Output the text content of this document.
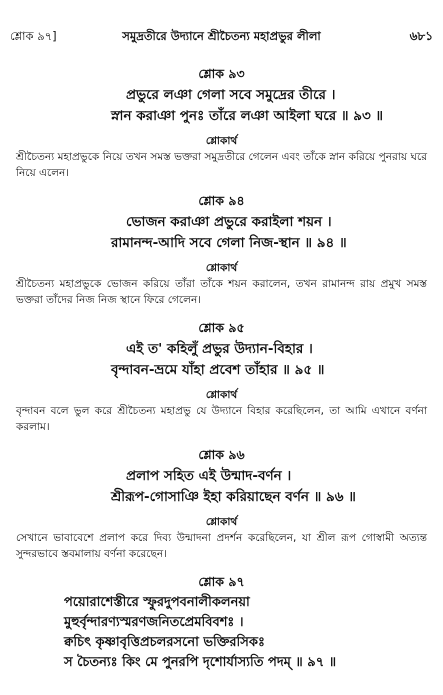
শ্লোক ৯৭]	সমুদ্রতীরে উদ্যানে শ্রীচৈতন্য মহাপ্রভুর লীলা	৬৮১
শ্লোক ৯৩
প্রভুরে লঞা গেলা সবে সমুদ্রের তীরে ।
স্নান করাঞা পুনঃ তাঁরে লঞা আইলা ঘরে ॥ ৯৩ ॥
শ্লোকার্থ
শ্রীচৈতন্য মহাপ্রভুকে নিয়ে তখন সমস্ত ভক্তরা সমুদ্রতীরে গেলেন এবং তাঁকে স্নান করিয়ে পুনরায় ঘরে নিয়ে এলেন।
শ্লোক ৯৪
ভোজন করাঞা প্রভুরে করাইলা শয়ন ।
রামানন্দ-আদি সবে গেলা নিজ-স্থান ॥ ৯৪ ॥
শ্লোকার্থ
শ্রীচৈতন্য মহাপ্রভুকে ভোজন করিয়ে তাঁরা তাঁকে শয়ন করালেন, তখন রামানন্দ রায় প্রমুখ সমস্ত ভক্তরা তাঁদের নিজ নিজ স্থানে ফিরে গেলেন।
শ্লোক ৯৫
এই ত' কহিলুঁ প্রভুর উদ্যান-বিহার ।
বৃন্দাবন-ভ্রমে যাঁহা প্রবেশ তাঁহার ॥ ৯৫ ॥
শ্লোকার্থ
বৃন্দাবন বলে ভুল করে শ্রীচৈতন্য মহাপ্রভু যে উদ্যানে বিহার করেছিলেন, তা আমি এখানে বর্ণনা করলাম।
শ্লোক ৯৬
প্রলাপ সহিত এই উন্মাদ-বর্ণন ।
শ্রীরূপ-গোসাঞি ইহা করিয়াছেন বর্ণন ॥ ৯৬ ॥
শ্লোকার্থ
সেখানে ভাবাবেশে প্রলাপ করে দিব্য উন্মাদনা প্রদর্শন করেছিলেন, যা শ্রীল রূপ গোস্বামী অত্যন্ত সুন্দরভাবে স্তবমালায় বর্ণনা করেছেন।
শ্লোক ৯৭
পয়োরাশেস্তীরে স্ফুরদুপবনালীকলনয়া
মুহুর্বৃন্দারণ্যস্মরণজনিতপ্রেমবিবশঃ ।
ক্বচিৎ কৃষ্ণাবৃত্তিপ্রচলরসনো ভক্তিরসিকঃ
স চৈতন্যঃ কিং মে পুনরপি দৃশোর্যাস্যতি পদম্ ॥ ৯৭ ॥
